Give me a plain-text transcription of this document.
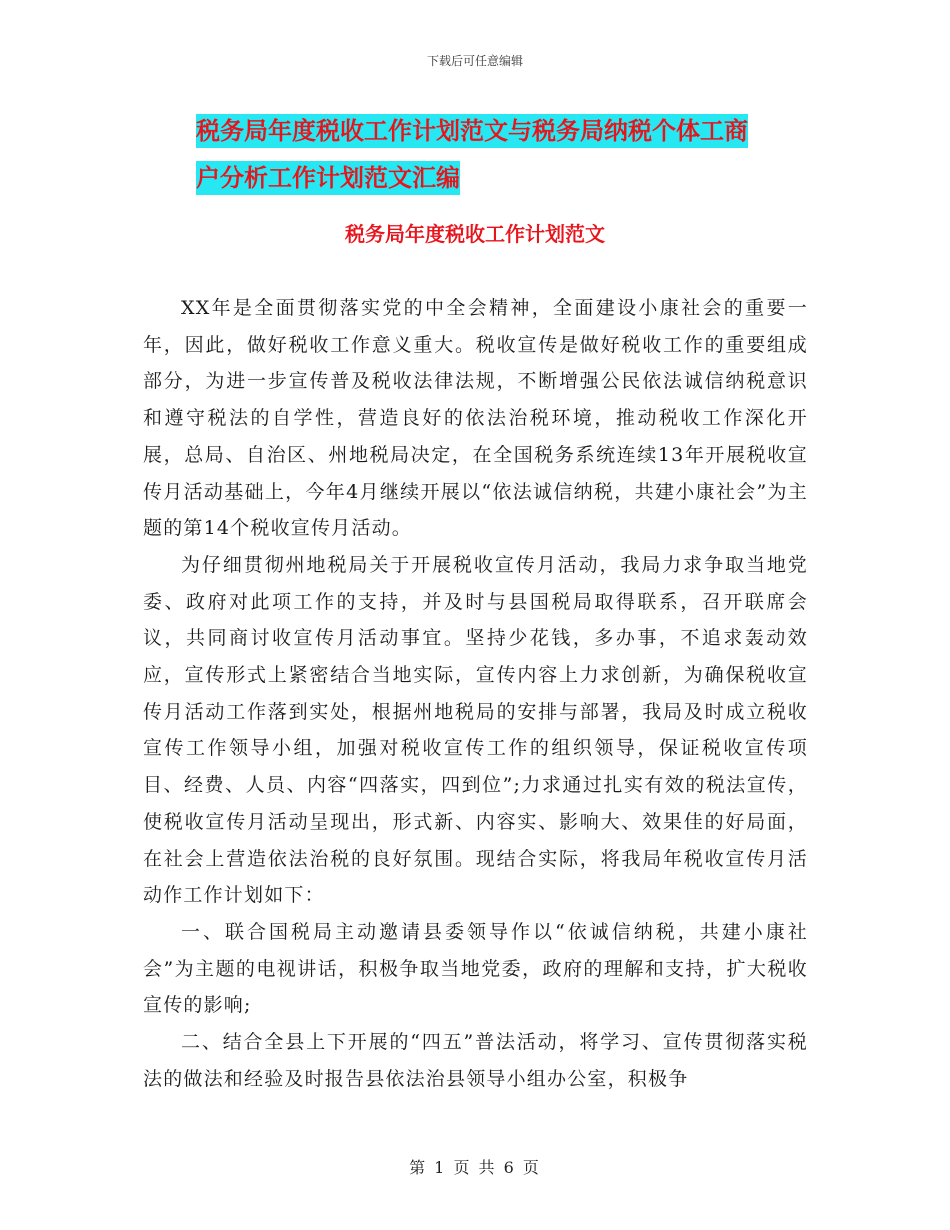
下载后可任意编辑
税务局年度税收工作计划范文与税务局纳税个体工商
户分析工作计划范文汇编
税务局年度税收工作计划范文

XX年是全面贯彻落实党的中全会精神，全面建设小康社会的重要一年，因此，做好税收工作意义重大。税收宣传是做好税收工作的重要组成部分，为进一步宣传普及税收法律法规，不断增强公民依法诚信纳税意识和遵守税法的自学性，营造良好的依法治税环境，推动税收工作深化开展，总局、自治区、州地税局决定，在全国税务系统连续13年开展税收宣传月活动基础上，今年4月继续开展以“依法诚信纳税，共建小康社会”为主题的第14个税收宣传月活动。

为仔细贯彻州地税局关于开展税收宣传月活动，我局力求争取当地党委、政府对此项工作的支持，并及时与县国税局取得联系，召开联席会议，共同商讨收宣传月活动事宜。坚持少花钱，多办事，不追求轰动效应，宣传形式上紧密结合当地实际，宣传内容上力求创新，为确保税收宣传月活动工作落到实处，根据州地税局的安排与部署，我局及时成立税收宣传工作领导小组，加强对税收宣传工作的组织领导，保证税收宣传项目、经费、人员、内容“四落实，四到位”;力求通过扎实有效的税法宣传，使税收宣传月活动呈现出，形式新、内容实、影响大、效果佳的好局面，在社会上营造依法治税的良好氛围。现结合实际，将我局年税收宣传月活动作工作计划如下：

一、联合国税局主动邀请县委领导作以“依诚信纳税，共建小康社会”为主题的电视讲话，积极争取当地党委，政府的理解和支持，扩大税收宣传的影响;

二、结合全县上下开展的“四五”普法活动，将学习、宣传贯彻落实税法的做法和经验及时报告县依法治县领导小组办公室，积极争

第 1 页 共 6 页
